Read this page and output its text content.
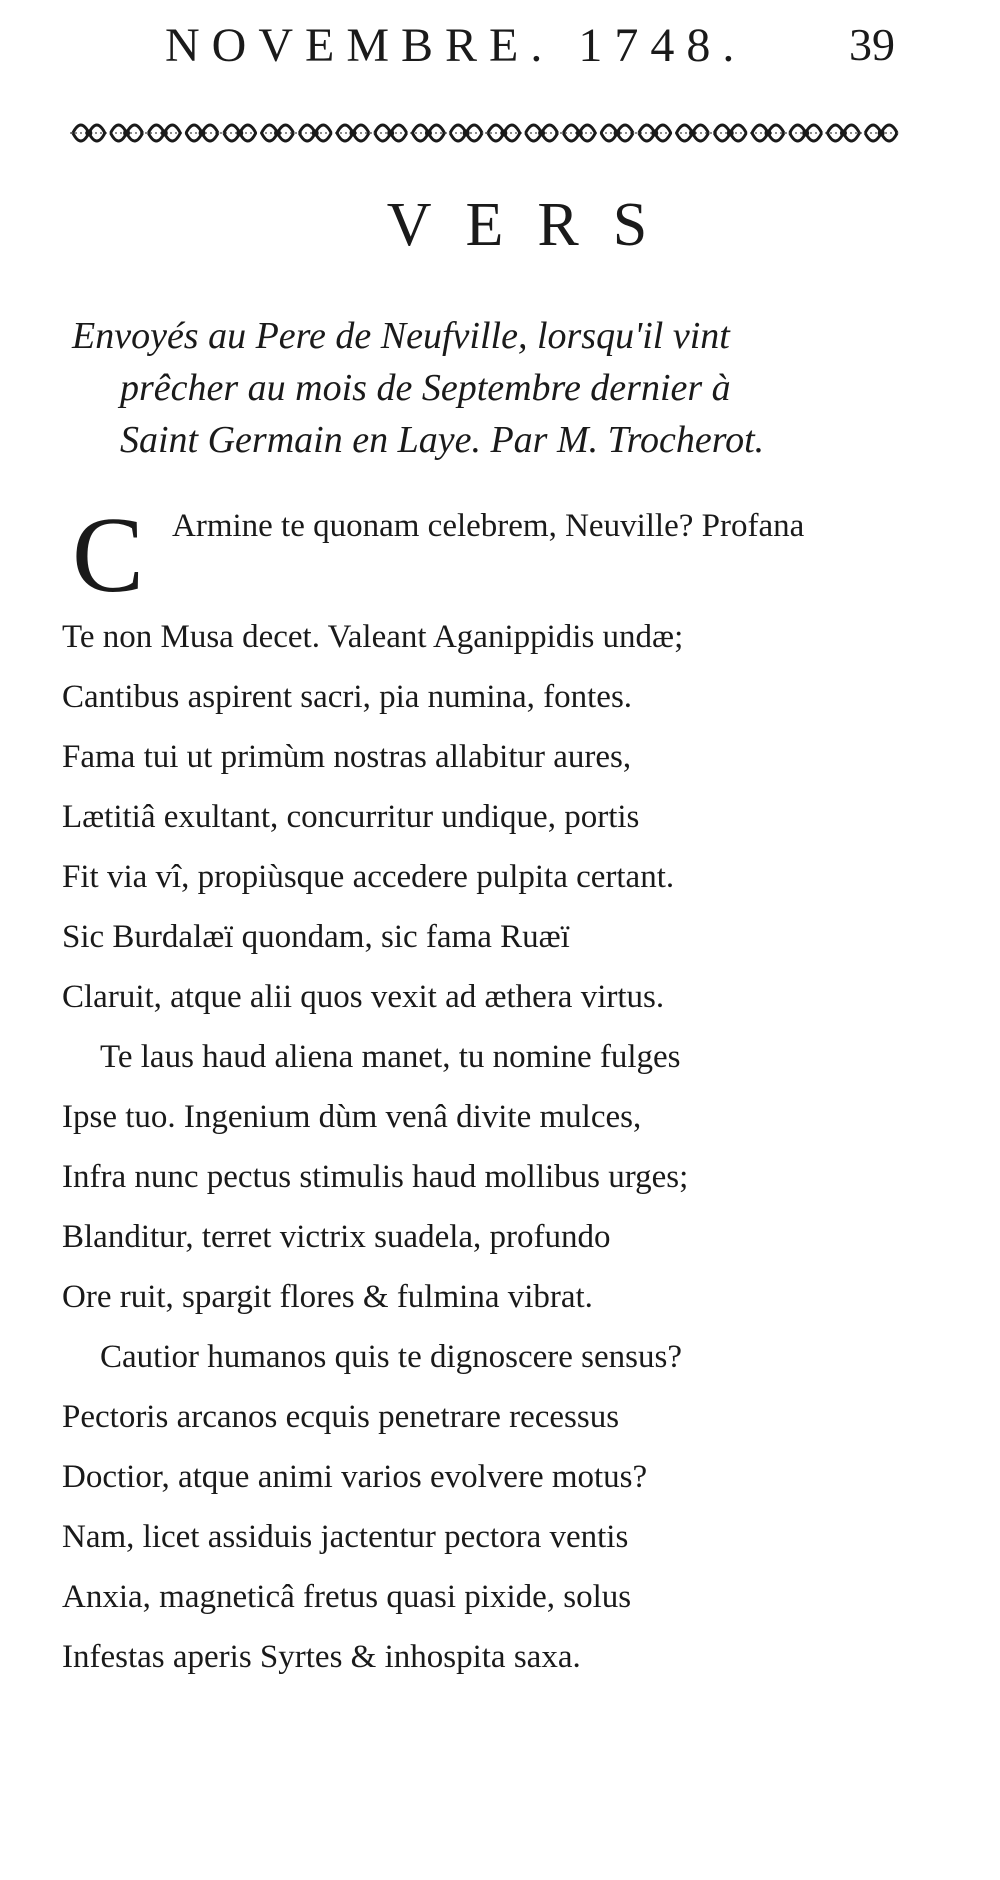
NOVEMBRE. 1748. 39
VERS
Envoyés au Pere de Neufville, lorsqu'il vint
prêcher au mois de Septembre dernier à
Saint Germain en Laye. Par M. Trocherot.
C Armine te quonam celebrem, Neuville? Profana
Te non Musa decet. Valeant Aganippidis undæ;
Cantibus aspirent sacri, pia numina, fontes.
Fama tui ut primùm nostras allabitur aures,
Lætitiâ exultant, concurritur undique, portis
Fit via vî, propiùsque accedere pulpita certant.
Sic Burdalæï quondam, sic fama Ruæï
Claruit, atque alii quos vexit ad æthera virtus.
Te laus haud aliena manet, tu nomine fulges
Ipse tuo. Ingenium dùm venâ divite mulces,
Infra nunc pectus stimulis haud mollibus urges;
Blanditur, terret victrix suadela, profundo
Ore ruit, spargit flores & fulmina vibrat.
Cautior humanos quis te dignoscere sensus?
Pectoris arcanos ecquis penetrare recessus
Doctior, atque animi varios evolvere motus?
Nam, licet assiduis jactentur pectora ventis
Anxia, magneticâ fretus quasi pixide, solus
Infestas aperis Syrtes & inhospita saxa.
